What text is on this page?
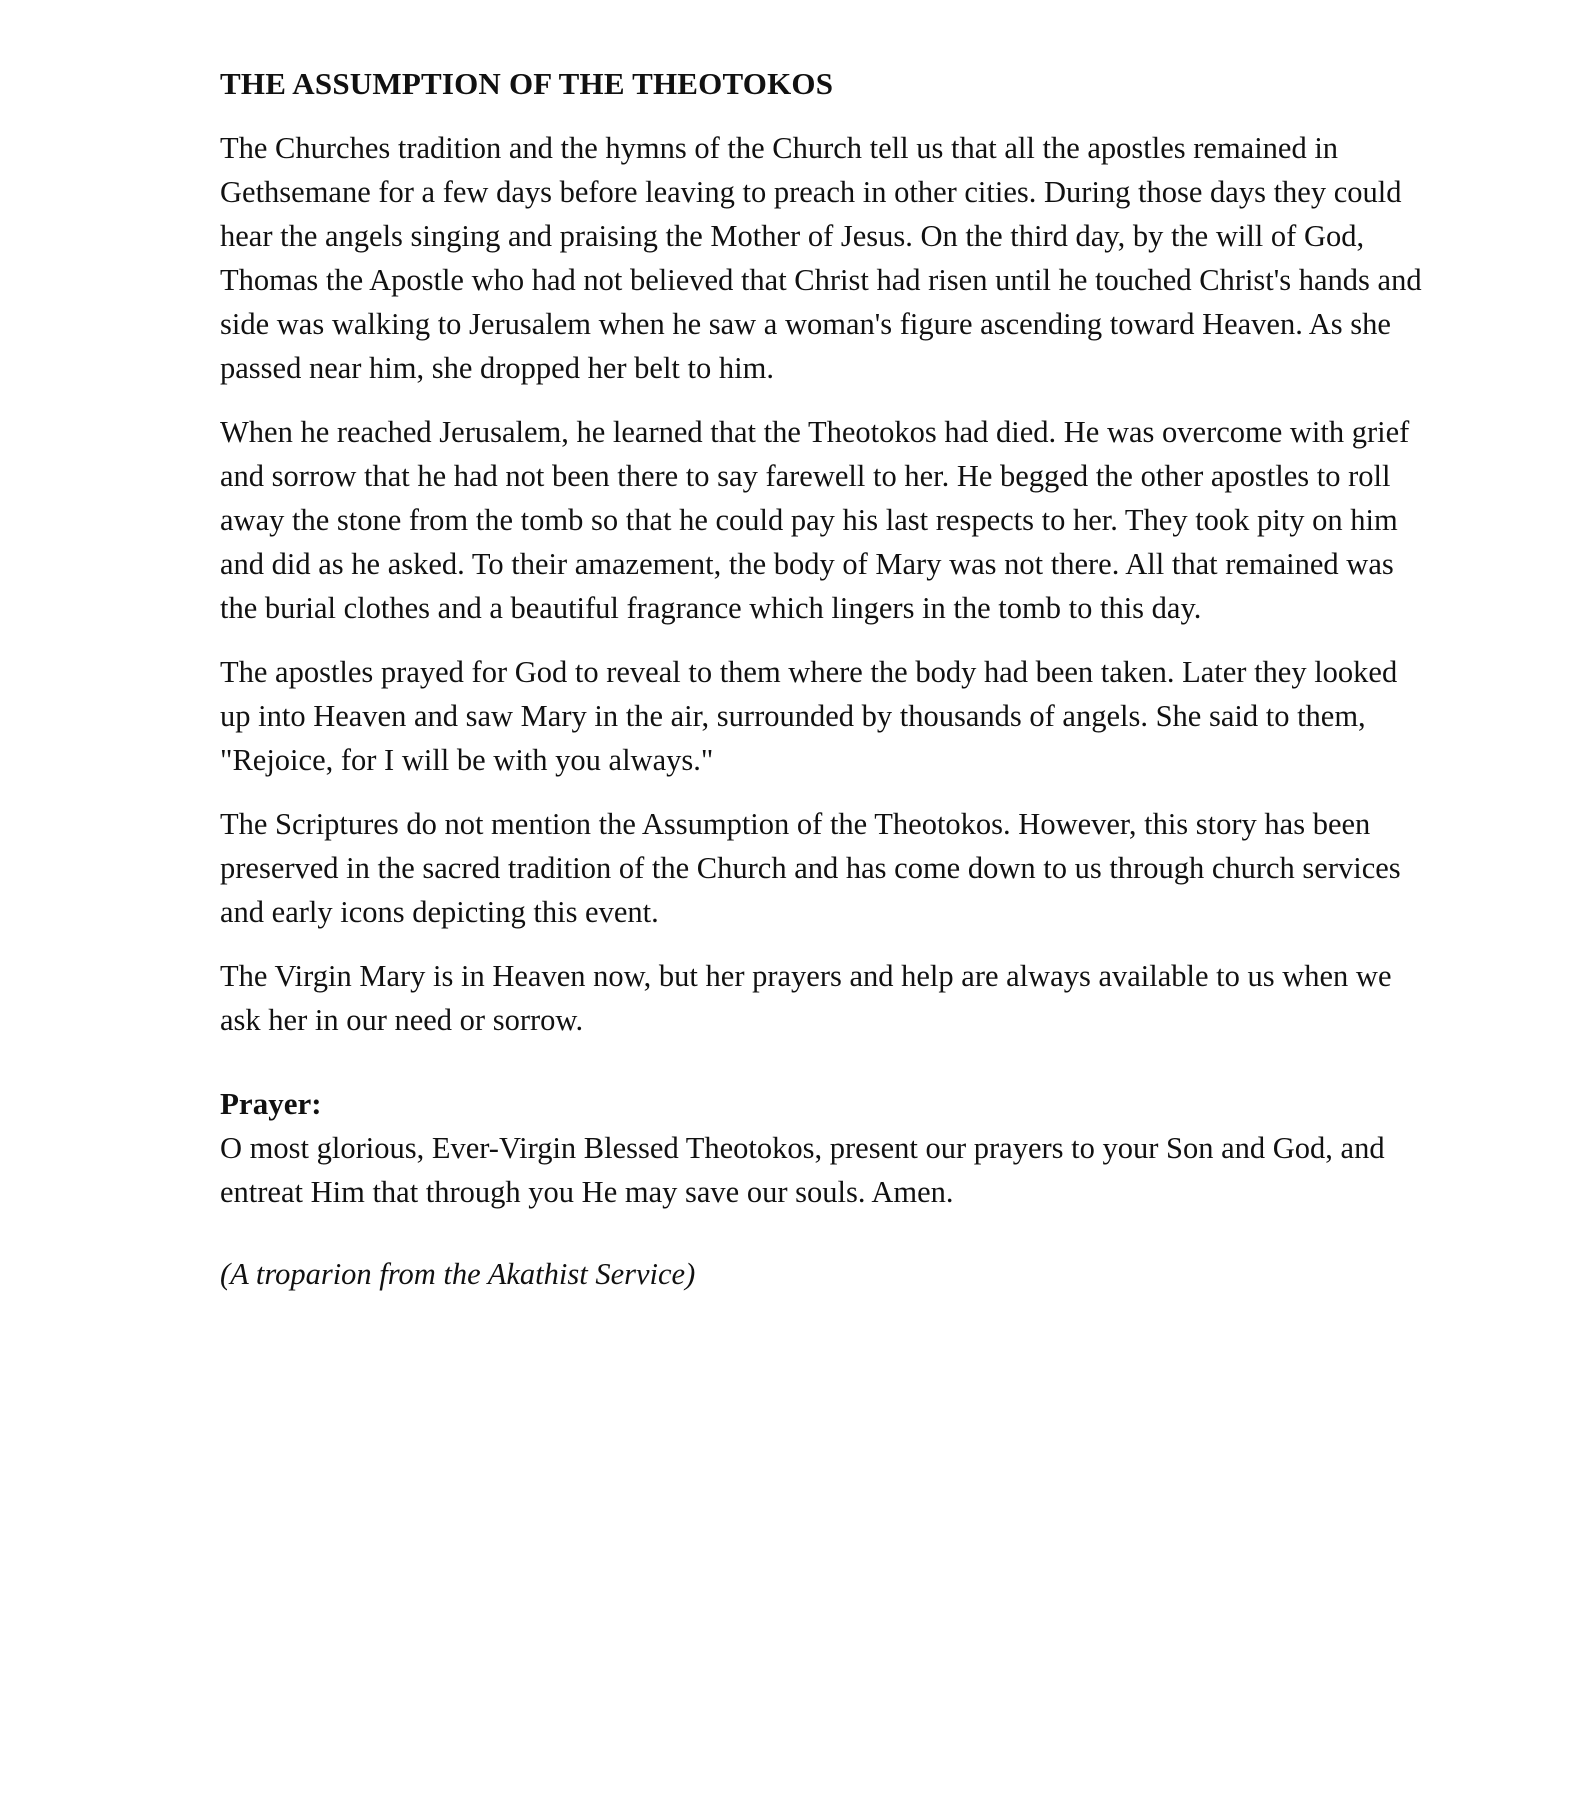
THE ASSUMPTION OF THE THEOTOKOS

The Churches tradition and the hymns of the Church tell us that all the apostles remained in Gethsemane for a few days before leaving to preach in other cities. During those days they could hear the angels singing and praising the Mother of Jesus. On the third day, by the will of God, Thomas the Apostle who had not believed that Christ had risen until he touched Christ's hands and side was walking to Jerusalem when he saw a woman's figure ascending toward Heaven. As she passed near him, she dropped her belt to him.

When he reached Jerusalem, he learned that the Theotokos had died. He was overcome with grief and sorrow that he had not been there to say farewell to her. He begged the other apostles to roll away the stone from the tomb so that he could pay his last respects to her. They took pity on him and did as he asked. To their amazement, the body of Mary was not there. All that remained was the burial clothes and a beautiful fragrance which lingers in the tomb to this day.

The apostles prayed for God to reveal to them where the body had been taken. Later they looked up into Heaven and saw Mary in the air, surrounded by thousands of angels. She said to them, "Rejoice, for I will be with you always."

The Scriptures do not mention the Assumption of the Theotokos. However, this story has been preserved in the sacred tradition of the Church and has come down to us through church services and early icons depicting this event.

The Virgin Mary is in Heaven now, but her prayers and help are always available to us when we ask her in our need or sorrow.

Prayer:
O most glorious, Ever-Virgin Blessed Theotokos, present our prayers to your Son and God, and entreat Him that through you He may save our souls. Amen.
(A troparion from the Akathist Service)
